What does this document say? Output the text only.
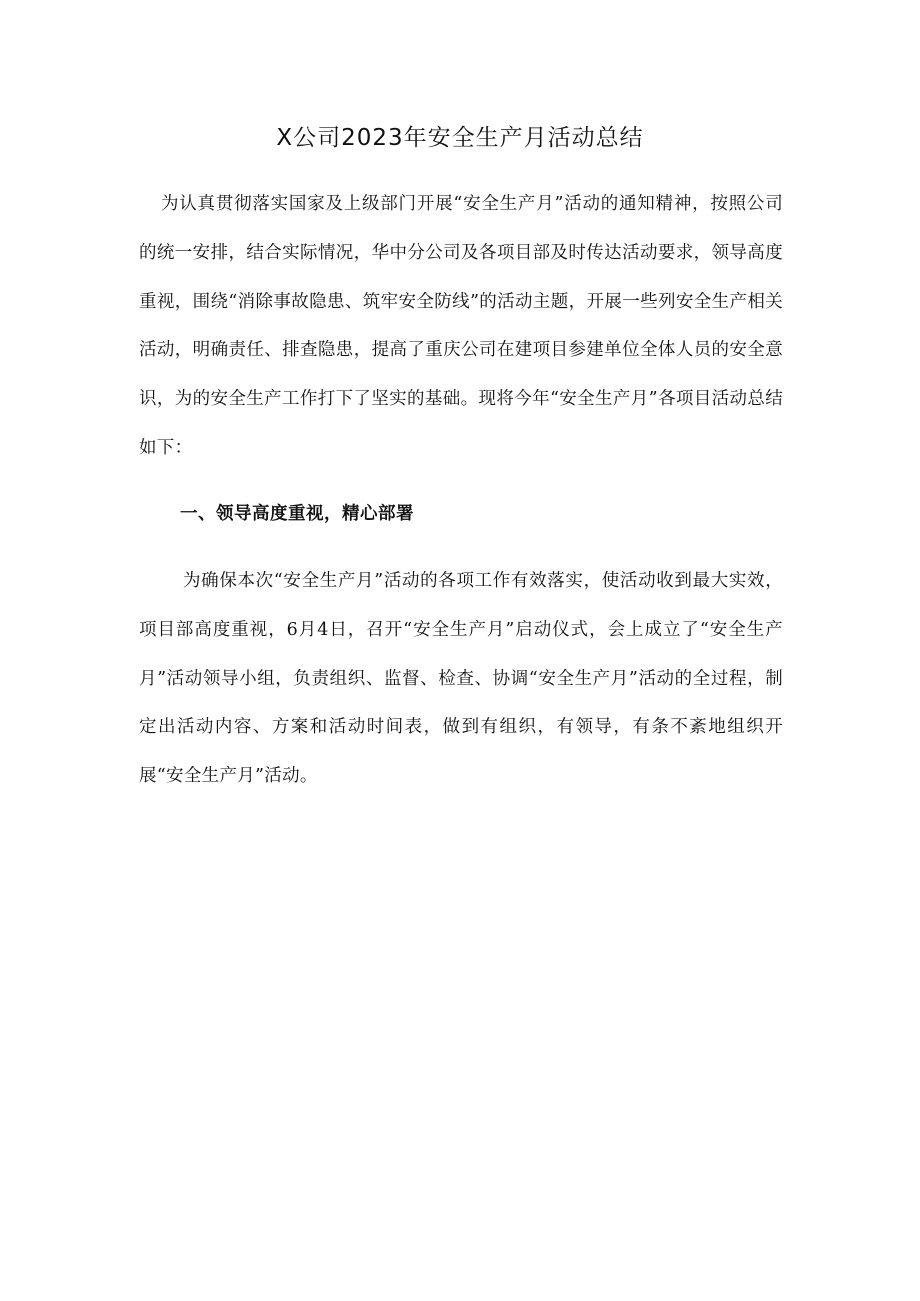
X公司2023年安全生产月活动总结

为认真贯彻落实国家及上级部门开展“安全生产月”活动的通知精神，按照公司的统一安排，结合实际情况，华中分公司及各项目部及时传达活动要求，领导高度重视，围绕“消除事故隐患、筑牢安全防线”的活动主题，开展一些列安全生产相关活动，明确责任、排查隐患，提高了重庆公司在建项目参建单位全体人员的安全意识，为的安全生产工作打下了坚实的基础。现将今年“安全生产月”各项目活动总结如下：

一、领导高度重视，精心部署

为确保本次“安全生产月”活动的各项工作有效落实，使活动收到最大实效，项目部高度重视，6月4日，召开“安全生产月”启动仪式，会上成立了“安全生产月”活动领导小组，负责组织、监督、检查、协调“安全生产月”活动的全过程，制定出活动内容、方案和活动时间表，做到有组织，有领导，有条不紊地组织开展“安全生产月”活动。
